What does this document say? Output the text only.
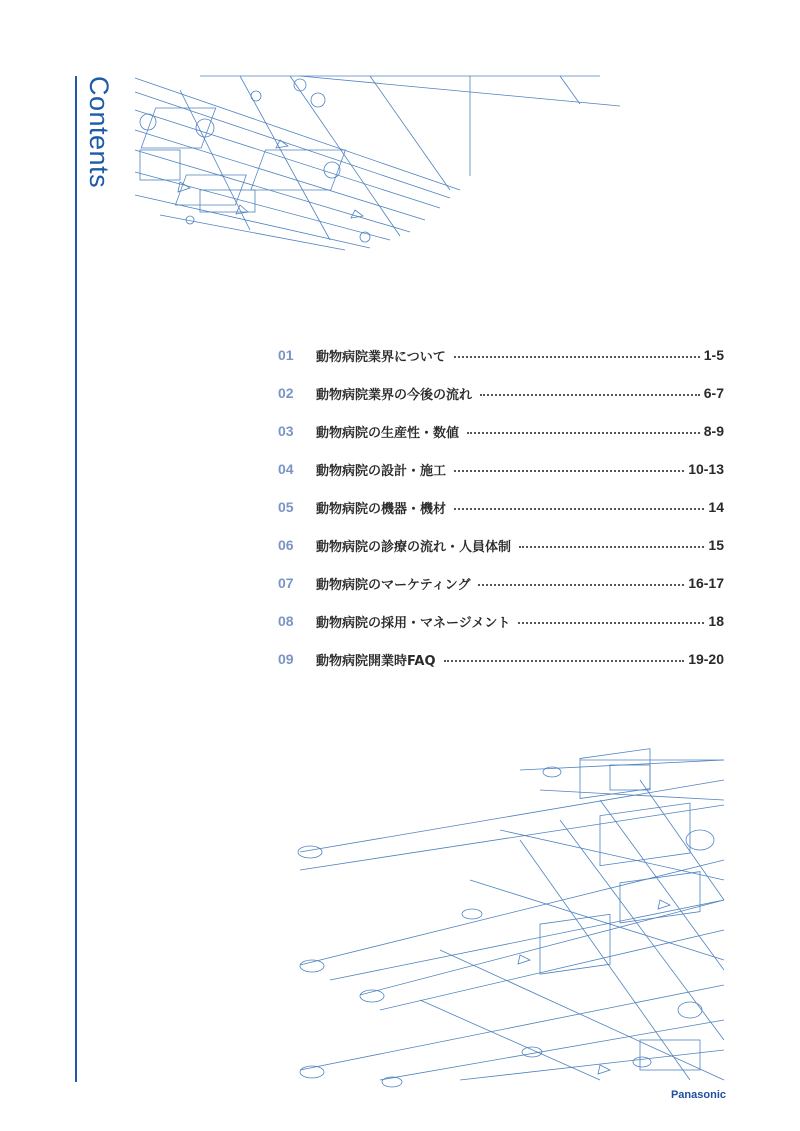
Contents
01	動物病院業界について	1-5
02	動物病院業界の今後の流れ	6-7
03	動物病院の生産性・数値	8-9
04	動物病院の設計・施工	10-13
05	動物病院の機器・機材	14
06	動物病院の診療の流れ・人員体制	15
07	動物病院のマーケティング	16-17
08	動物病院の採用・マネージメント	18
09	動物病院開業時FAQ	19-20
Panasonic
